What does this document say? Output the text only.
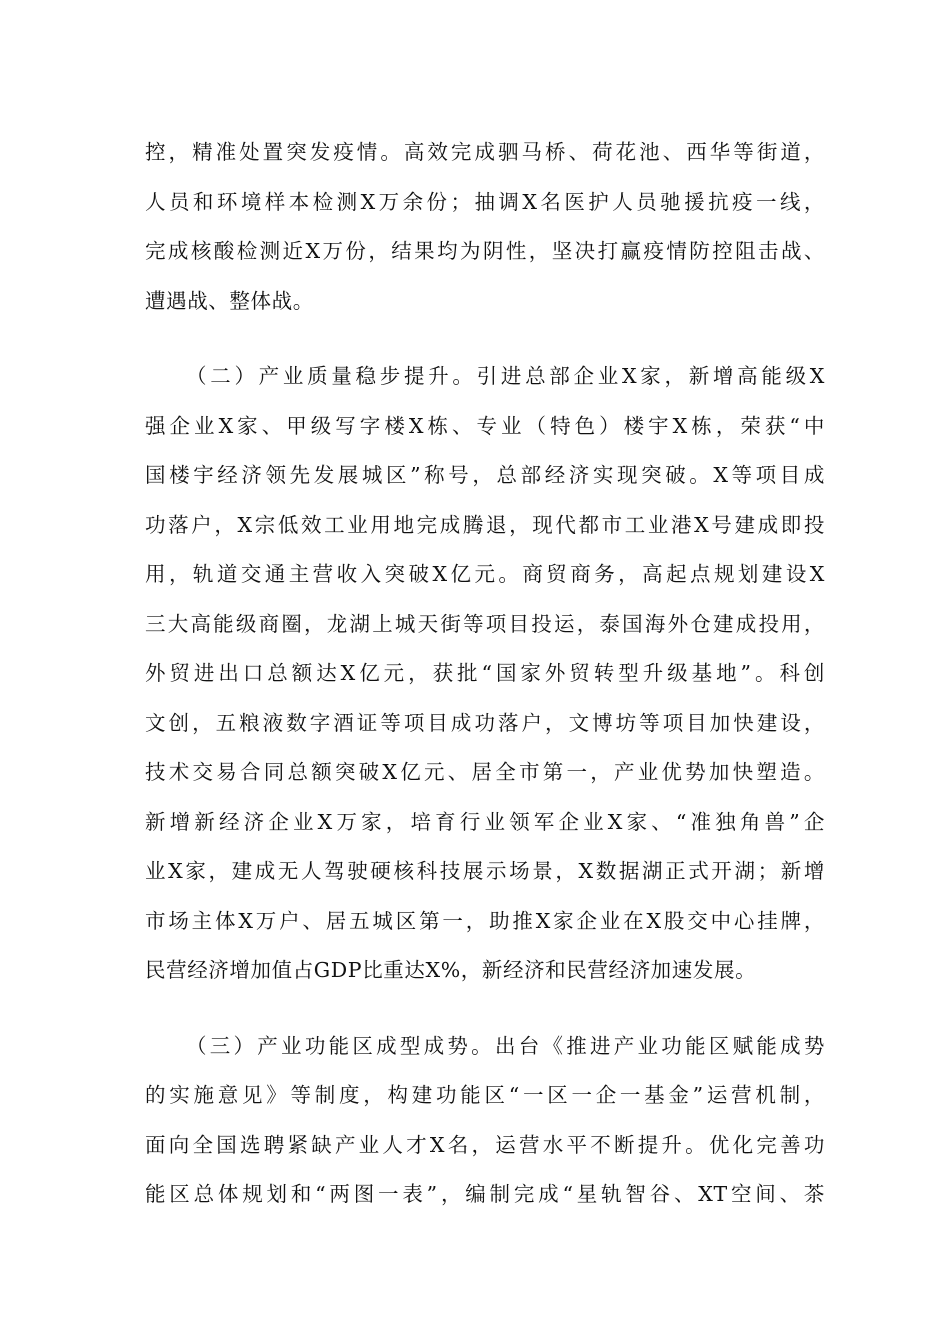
控，精准处置突发疫情。高效完成驷马桥、荷花池、西华等街道，
人员和环境样本检测X万余份；抽调X名医护人员驰援抗疫一线，
完成核酸检测近X万份，结果均为阴性，坚决打赢疫情防控阻击战、
遭遇战、整体战。
（二）产业质量稳步提升。引进总部企业X家，新增高能级X
强企业X家、甲级写字楼X栋、专业（特色）楼宇X栋，荣获“中
国楼宇经济领先发展城区”称号，总部经济实现突破。X等项目成
功落户，X宗低效工业用地完成腾退，现代都市工业港X号建成即投
用，轨道交通主营收入突破X亿元。商贸商务，高起点规划建设X
三大高能级商圈，龙湖上城天街等项目投运，泰国海外仓建成投用，
外贸进出口总额达X亿元，获批“国家外贸转型升级基地”。科创
文创，五粮液数字酒证等项目成功落户，文博坊等项目加快建设，
技术交易合同总额突破X亿元、居全市第一，产业优势加快塑造。
新增新经济企业X万家，培育行业领军企业X家、“准独角兽”企
业X家，建成无人驾驶硬核科技展示场景，X数据湖正式开湖；新增
市场主体X万户、居五城区第一，助推X家企业在X股交中心挂牌，
民营经济增加值占GDP比重达X%，新经济和民营经济加速发展。
（三）产业功能区成型成势。出台《推进产业功能区赋能成势
的实施意见》等制度，构建功能区“一区一企一基金”运营机制，
面向全国选聘紧缺产业人才X名，运营水平不断提升。优化完善功
能区总体规划和“两图一表”，编制完成“星轨智谷、XT空间、茶
